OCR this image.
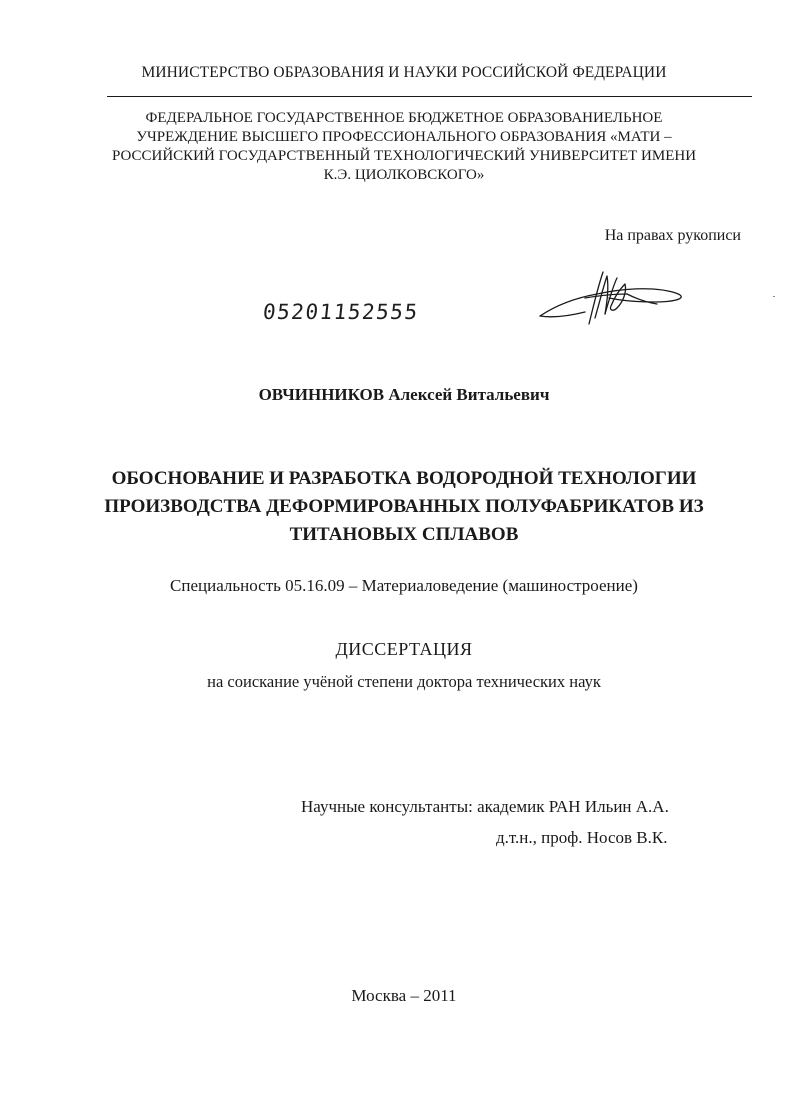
МИНИСТЕРСТВО ОБРАЗОВАНИЯ И НАУКИ РОССИЙСКОЙ ФЕДЕРАЦИИ
ФЕДЕРАЛЬНОЕ ГОСУДАРСТВЕННОЕ БЮДЖЕТНОЕ ОБРАЗОВАНИЕЛЬНОЕ
УЧРЕЖДЕНИЕ ВЫСШЕГО ПРОФЕССИОНАЛЬНОГО ОБРАЗОВАНИЯ «МАТИ –
РОССИЙСКИЙ ГОСУДАРСТВЕННЫЙ ТЕХНОЛОГИЧЕСКИЙ УНИВЕРСИТЕТ ИМЕНИ
К.Э. ЦИОЛКОВСКОГО»
На правах рукописи
05201152555
ОВЧИННИКОВ Алексей Витальевич
ОБОСНОВАНИЕ И РАЗРАБОТКА ВОДОРОДНОЙ ТЕХНОЛОГИИ
ПРОИЗВОДСТВА ДЕФОРМИРОВАННЫХ ПОЛУФАБРИКАТОВ ИЗ
ТИТАНОВЫХ СПЛАВОВ
Специальность 05.16.09 – Материаловедение (машиностроение)
ДИССЕРТАЦИЯ
на соискание учёной степени доктора технических наук
Научные консультанты: академик РАН Ильин А.А.
д.т.н., проф. Носов В.К.
Москва – 2011
